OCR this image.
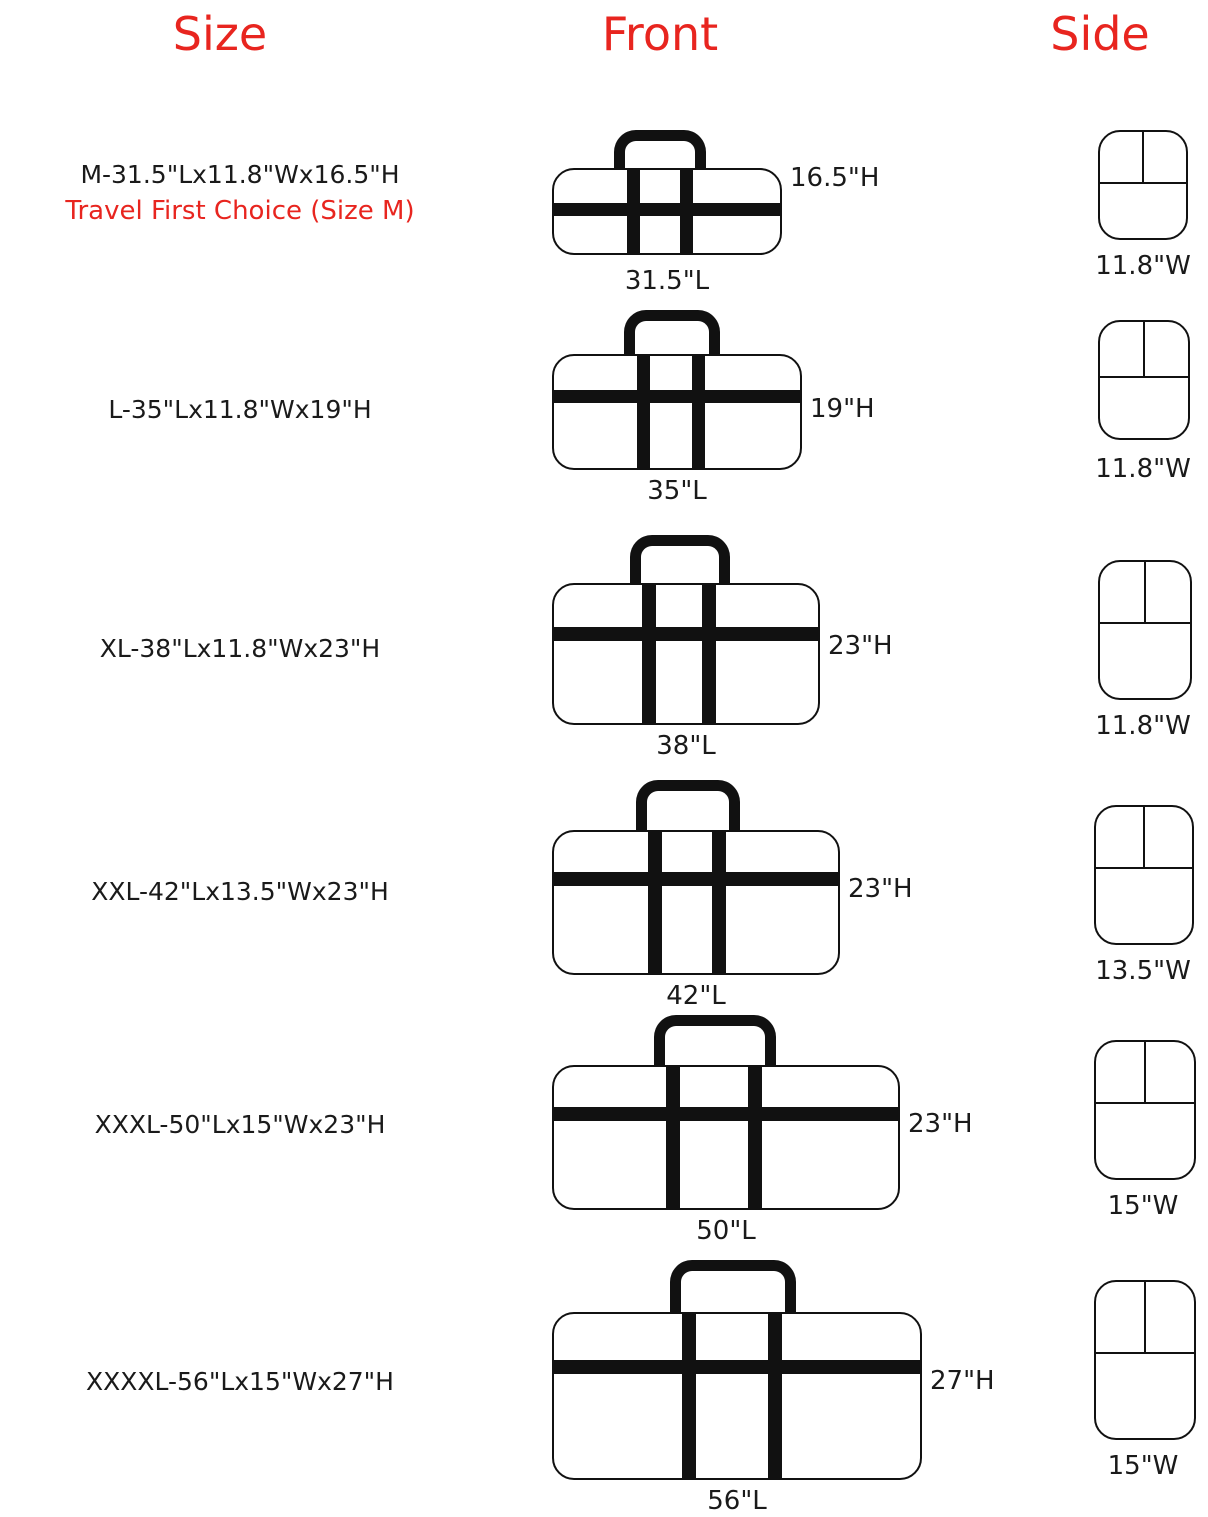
Size	Front	Side
M-31.5"Lx11.8"Wx16.5"H
Travel First Choice (Size M)
16.5"H
31.5"L	11.8"W
L-35"Lx11.8"Wx19"H	19"H
35"L
11.8"W
XL-38"Lx11.8"Wx23"H	23"H
38"L
11.8"W
XXL-42"Lx13.5"Wx23"H	23"H
42"L
13.5"W
XXXL-50"Lx15"Wx23"H	23"H
50"L
15"W
XXXXL-56"Lx15"Wx27"H	27"H
56"L
15"W
